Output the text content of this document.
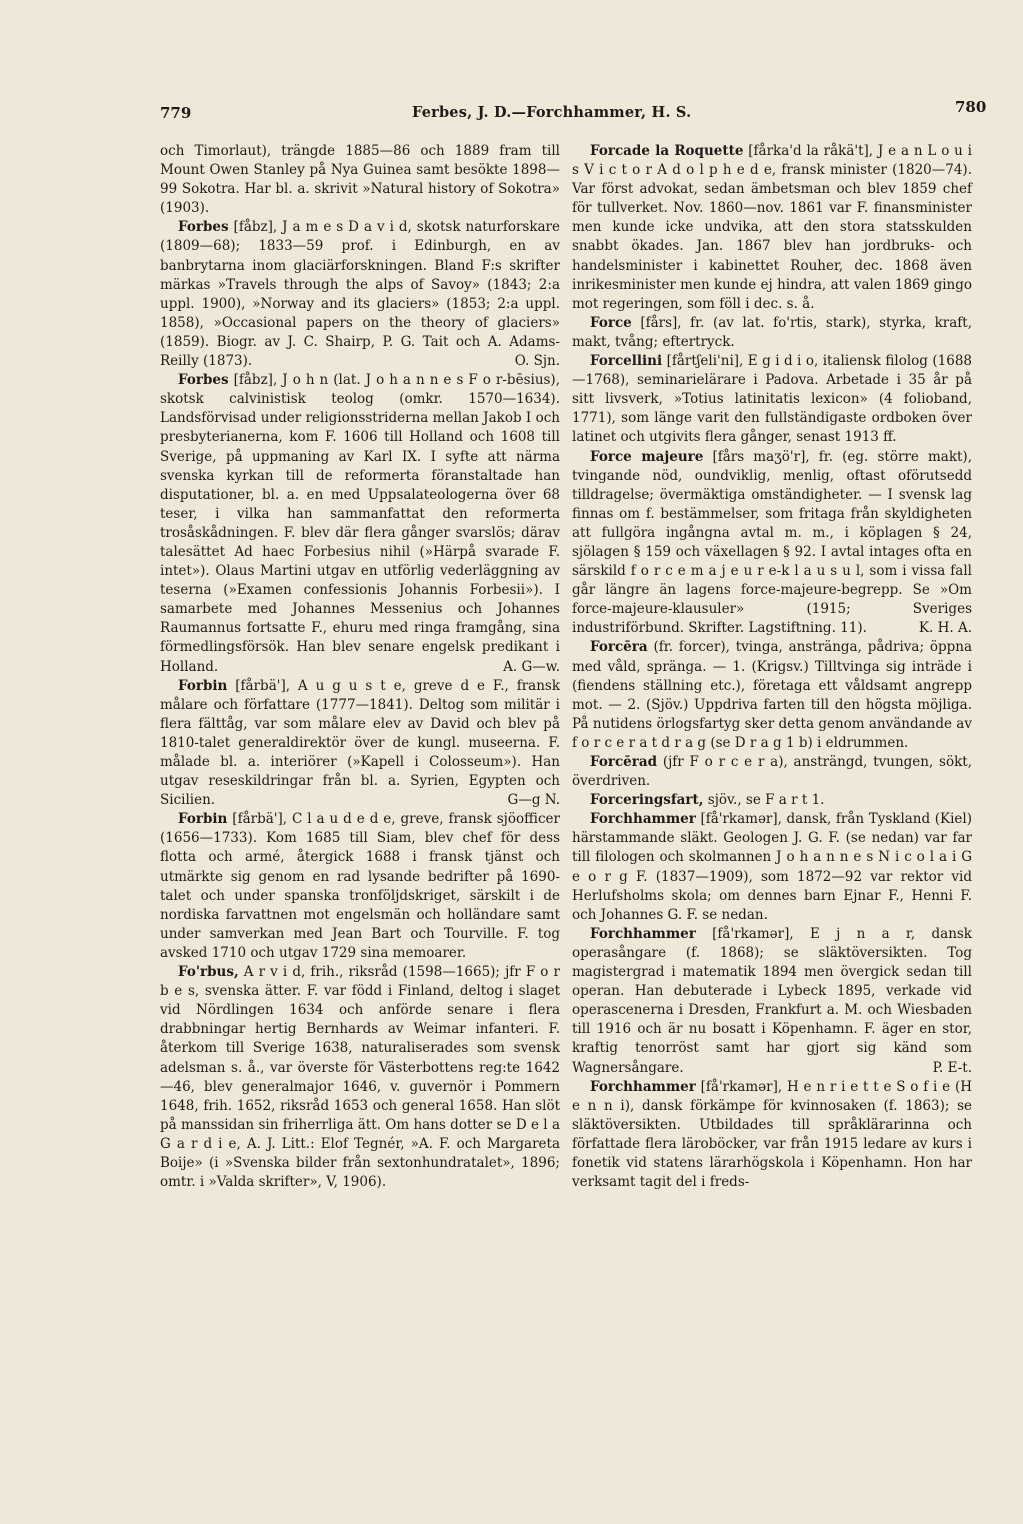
779	Ferbes, J. D.—Forchhammer, H. S.	780

och Timorlaut), trängde 1885—86 och 1889 fram till Mount Owen Stanley på Nya Guinea samt besökte 1898—99 Sokotra. Har bl. a. skrivit »Natural history of Sokotra» (1903).

Forbes [fåbz], J a m e s D a v i d, skotsk naturforskare (1809—68); 1833—59 prof. i Edinburgh, en av banbrytarna inom glaciärforskningen. Bland F:s skrifter märkas »Travels through the alps of Savoy» (1843; 2:a uppl. 1900), »Norway and its glaciers» (1853; 2:a uppl. 1858), »Occasional papers on the theory of glaciers» (1859). Biogr. av J. C. Shairp, P. G. Tait och A. Adams-Reilly (1873).	O. Sjn.

Forbes [fåbz], J o h n (lat. J o h a n n e s F o r-bēsius), skotsk calvinistisk teolog (omkr. 1570—1634). Landsförvisad under religionsstriderna mellan Jakob I och presbyterianerna, kom F. 1606 till Holland och 1608 till Sverige, på uppmaning av Karl IX. I syfte att närma svenska kyrkan till de reformerta föranstaltade han disputationer, bl. a. en med Uppsalateologerna över 68 teser, i vilka han sammanfattat den reformerta trosåskådningen. F. blev där flera gånger svarslös; därav talesättet Ad haec Forbesius nihil (»Härpå svarade F. intet»). Olaus Martini utgav en utförlig vederläggning av teserna (»Examen confessionis Johannis Forbesii»). I samarbete med Johannes Messenius och Johannes Raumannus fortsatte F., ehuru med ringa framgång, sina förmedlingsförsök. Han blev senare engelsk predikant i Holland.	A. G—w.

Forbin [fårbä'], A u g u s t e, greve d e F., fransk målare och författare (1777—1841). Deltog som militär i flera fälttåg, var som målare elev av David och blev på 1810-talet generaldirektör över de kungl. museerna. F. målade bl. a. interiörer (»Kapell i Colosseum»). Han utgav reseskildringar från bl. a. Syrien, Egypten och Sicilien.	G—g N.

Forbin [fårbä'], C l a u d e d e, greve, fransk sjöofficer (1656—1733). Kom 1685 till Siam, blev chef för dess flotta och armé, återgick 1688 i fransk tjänst och utmärkte sig genom en rad lysande bedrifter på 1690-talet och under spanska tronföljdskriget, särskilt i de nordiska farvattnen mot engelsmän och holländare samt under samverkan med Jean Bart och Tourville. F. tog avsked 1710 och utgav 1729 sina memoarer.

Fo'rbus, A r v i d, frih., riksråd (1598—1665); jfr F o r b e s, svenska ätter. F. var född i Finland, deltog i slaget vid Nördlingen 1634 och anförde senare i flera drabbningar hertig Bernhards av Weimar infanteri. F. återkom till Sverige 1638, naturaliserades som svensk adelsman s. å., var överste för Västerbottens reg:te 1642—46, blev generalmajor 1646, v. guvernör i Pommern 1648, frih. 1652, riksråd 1653 och general 1658. Han slöt på manssidan sin friherrliga ätt. Om hans dotter se D e l a G a r d i e, A. J. Litt.: Elof Tegnér, »A. F. och Margareta Boije» (i »Svenska bilder från sextonhundratalet», 1896; omtr. i »Valda skrifter», V, 1906).

Forcade la Roquette [fårka'd la råkä't], J e a n L o u i s V i c t o r A d o l p h e d e, fransk minister (1820—74). Var först advokat, sedan ämbetsman och blev 1859 chef för tullverket. Nov. 1860—nov. 1861 var F. finansminister men kunde icke undvika, att den stora statsskulden snabbt ökades. Jan. 1867 blev han jordbruks- och handelsminister i kabinettet Rouher, dec. 1868 även inrikesminister men kunde ej hindra, att valen 1869 gingo mot regeringen, som föll i dec. s. å.

Force [fårs], fr. (av lat. fo'rtis, stark), styrka, kraft, makt, tvång; eftertryck.

Forcellini [fårtʃeli'ni], E g i d i o, italiensk filolog (1688—1768), seminarielärare i Padova. Arbetade i 35 år på sitt livsverk, »Totius latinitatis lexicon» (4 folioband, 1771), som länge varit den fullständigaste ordboken över latinet och utgivits flera gånger, senast 1913 ff.

Force majeure [fårs maʒö'r], fr. (eg. större makt), tvingande nöd, oundviklig, menlig, oftast oförutsedd tilldragelse; övermäktiga omständigheter. — I svensk lag finnas om f. bestämmelser, som fritaga från skyldigheten att fullgöra ingångna avtal m. m., i köplagen § 24, sjölagen § 159 och växellagen § 92. I avtal intages ofta en särskild f o r c e m a j e u r e-k l a u s u l, som i vissa fall går längre än lagens force-majeure-begrepp. Se »Om force-majeure-klausuler» (1915; Sveriges industriförbund. Skrifter. Lagstiftning. 11).	K. H. A.

Forcēra (fr. forcer), tvinga, anstränga, pådriva; öppna med våld, spränga. — 1. (Krigsv.) Tilltvinga sig inträde i (fiendens ställning etc.), företaga ett våldsamt angrepp mot. — 2. (Sjöv.) Uppdriva farten till den högsta möjliga. På nutidens örlogsfartyg sker detta genom användande av f o r c e r a t d r a g (se D r a g 1 b) i eldrummen.

Forcērad (jfr F o r c e r a), ansträngd, tvungen, sökt, överdriven.

Forceringsfart, sjöv., se F a r t 1.

Forchhammer [få'rkamər], dansk, från Tyskland (Kiel) härstammande släkt. Geologen J. G. F. (se nedan) var far till filologen och skolmannen J o h a n n e s N i c o l a i G e o r g F. (1837—1909), som 1872—92 var rektor vid Herlufsholms skola; om dennes barn Ejnar F., Henni F. och Johannes G. F. se nedan.

Forchhammer [få'rkamər], E j n a r, dansk operasångare (f. 1868); se släktöversikten. Tog magistergrad i matematik 1894 men övergick sedan till operan. Han debuterade i Lybeck 1895, verkade vid operascenerna i Dresden, Frankfurt a. M. och Wiesbaden till 1916 och är nu bosatt i Köpenhamn. F. äger en stor, kraftig tenorröst samt har gjort sig känd som Wagnersångare.	P. E-t.

Forchhammer [få'rkamər], H e n r i e t t e S o f i e (H e n n i), dansk förkämpe för kvinnosaken (f. 1863); se släktöversikten. Utbildades till språklärarinna och författade flera läroböcker, var från 1915 ledare av kurs i fonetik vid statens lärarhögskola i Köpenhamn. Hon har verksamt tagit del i freds-
